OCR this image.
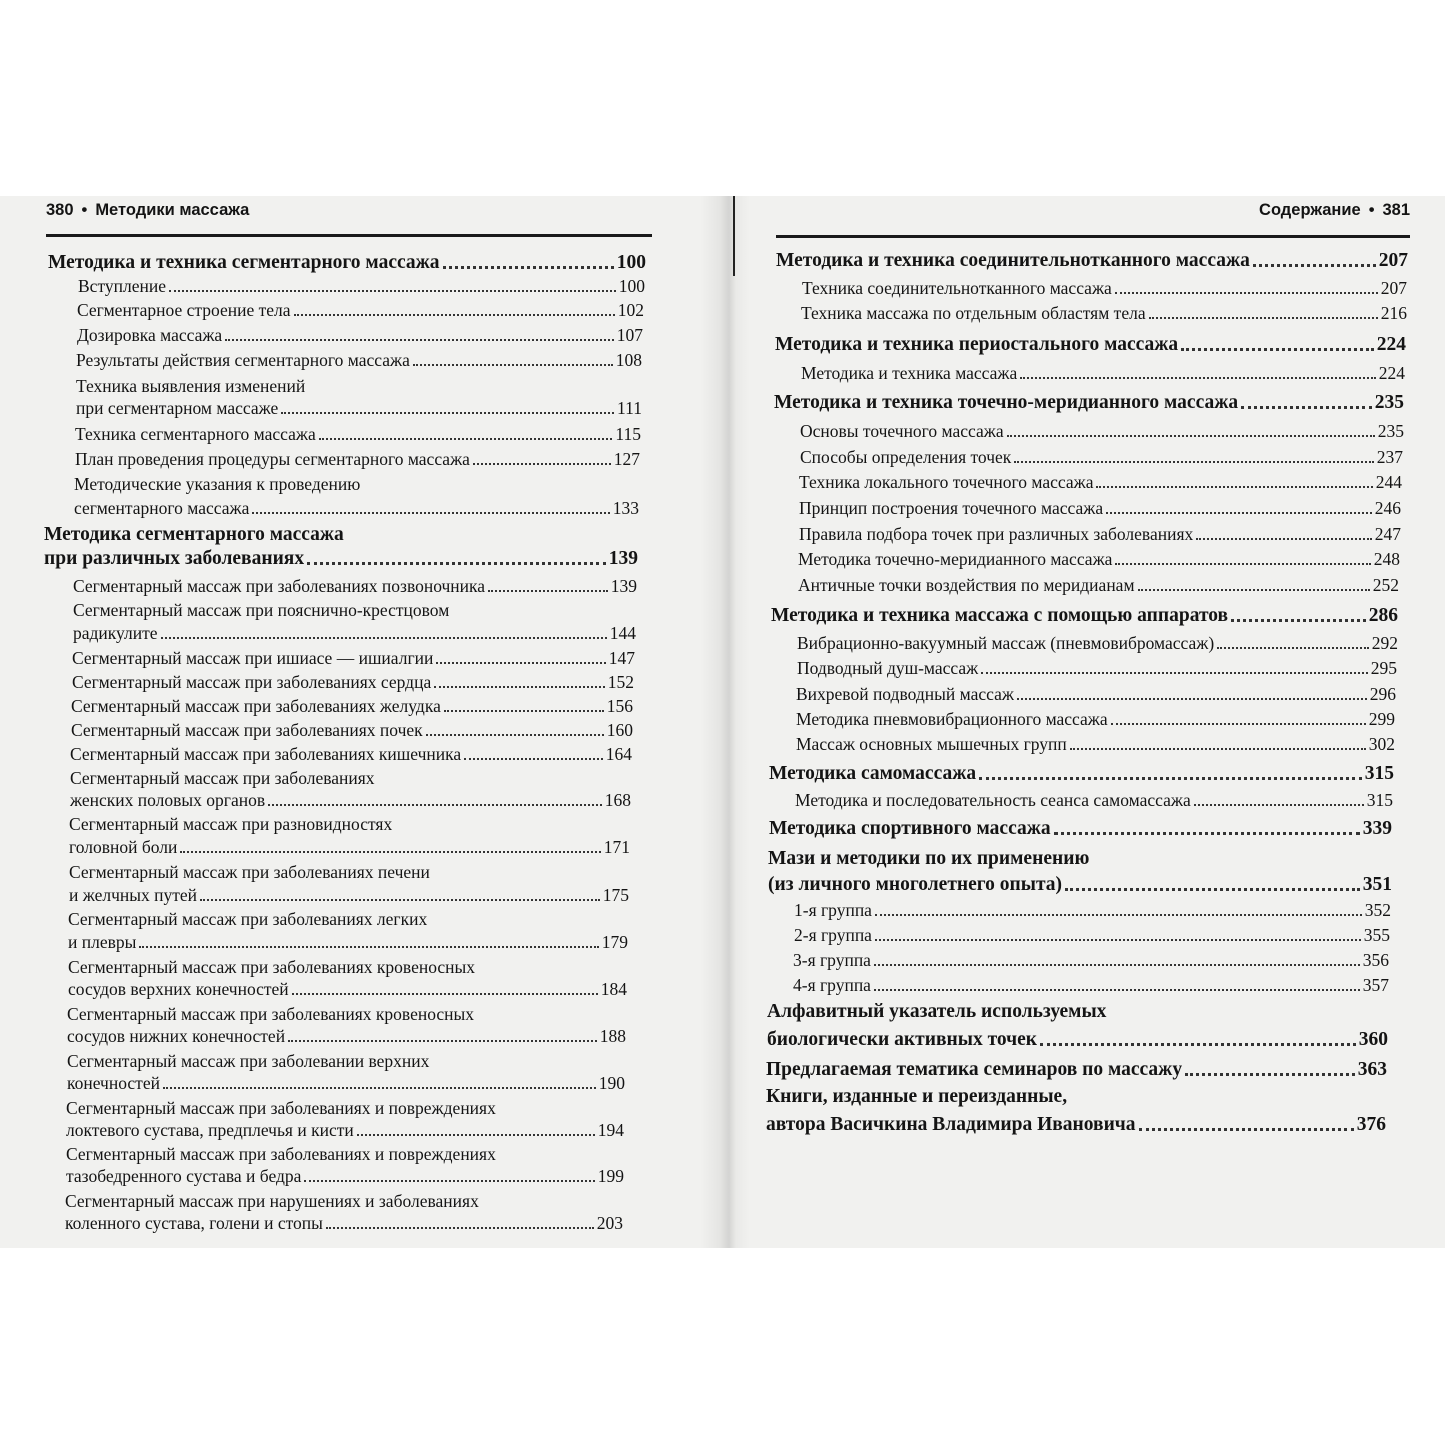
380 • Методики массажа
Методика и техника сегментарного массажа	100
Вступление	100
Сегментарное строение тела	102
Дозировка массажа	107
Результаты действия сегментарного массажа	108
Техника выявления изменений
при сегментарном массаже	111
Техника сегментарного массажа	115
План проведения процедуры сегментарного массажа	127
Методические указания к проведению
сегментарного массажа	133
Методика сегментарного массажа
при различных заболеваниях	139
Сегментарный массаж при заболеваниях позвоночника	139
Сегментарный массаж при пояснично-крестцовом
радикулите	144
Сегментарный массаж при ишиасе — ишиалгии	147
Сегментарный массаж при заболеваниях сердца	152
Сегментарный массаж при заболеваниях желудка	156
Сегментарный массаж при заболеваниях почек	160
Сегментарный массаж при заболеваниях кишечника	164
Сегментарный массаж при заболеваниях
женских половых органов	168
Сегментарный массаж при разновидностях
головной боли	171
Сегментарный массаж при заболеваниях печени
и желчных путей	175
Сегментарный массаж при заболеваниях легких
и плевры	179
Сегментарный массаж при заболеваниях кровеносных
сосудов верхних конечностей	184
Сегментарный массаж при заболеваниях кровеносных
сосудов нижних конечностей	188
Сегментарный массаж при заболевании верхних
конечностей	190
Сегментарный массаж при заболеваниях и повреждениях
локтевого сустава, предплечья и кисти	194
Сегментарный массаж при заболеваниях и повреждениях
тазобедренного сустава и бедра	199
Сегментарный массаж при нарушениях и заболеваниях
коленного сустава, голени и стопы	203
Содержание • 381
Методика и техника соединительнотканного массажа	207
Техника соединительнотканного массажа	207
Техника массажа по отдельным областям тела	216
Методика и техника периостального массажа	224
Методика и техника массажа	224
Методика и техника точечно-меридианного массажа	235
Основы точечного массажа	235
Способы определения точек	237
Техника локального точечного массажа	244
Принцип построения точечного массажа	246
Правила подбора точек при различных заболеваниях	247
Методика точечно-меридианного массажа	248
Античные точки воздействия по меридианам	252
Методика и техника массажа с помощью аппаратов	286
Вибрационно-вакуумный массаж (пневмовибромассаж)	292
Подводный душ-массаж	295
Вихревой подводный массаж	296
Методика пневмовибрационного массажа	299
Массаж основных мышечных групп	302
Методика самомассажа	315
Методика и последовательность сеанса самомассажа	315
Методика спортивного массажа	339
Мази и методики по их применению
(из личного многолетнего опыта)	351
1-я группа	352
2-я группа	355
3-я группа	356
4-я группа	357
Алфавитный указатель используемых
биологически активных точек	360
Предлагаемая тематика семинаров по массажу	363
Книги, изданные и переизданные,
автора Васичкина Владимира Ивановича	376
